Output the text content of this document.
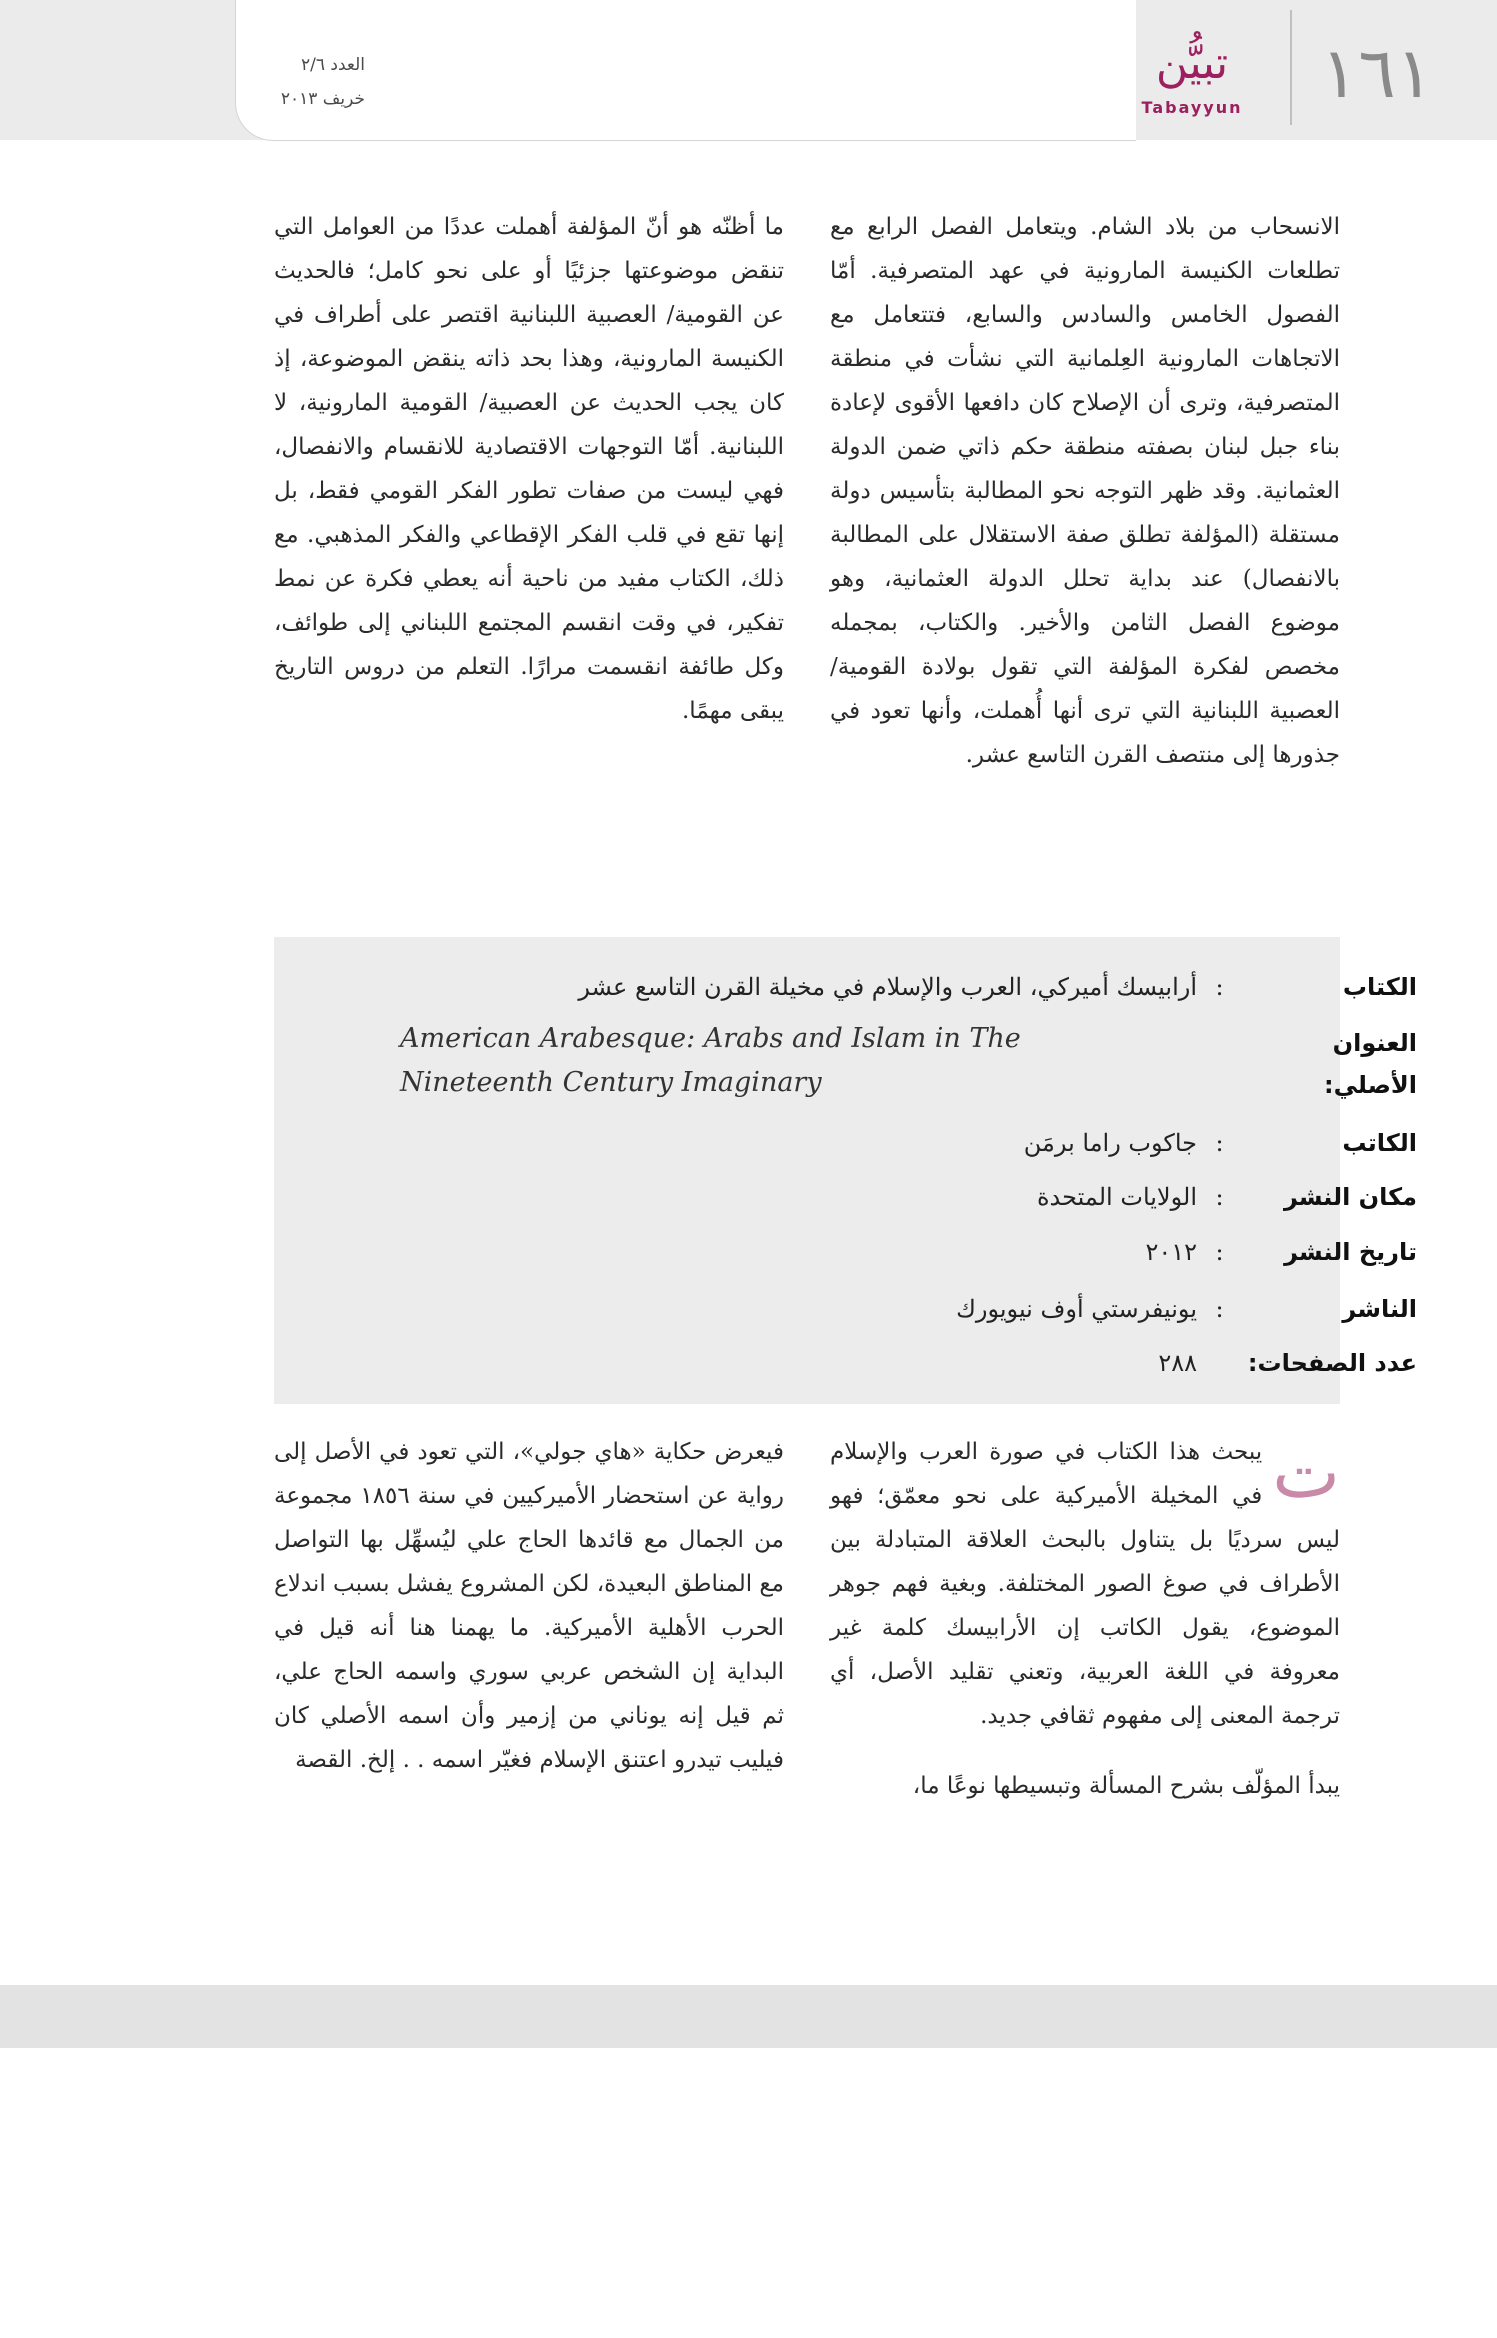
العدد ٢/٦
خريف ٢٠١٣
تبيُّن
Tabayyun ١٦١

الانسحاب من بلاد الشام. ويتعامل الفصل الرابع مع تطلعات الكنيسة المارونية في عهد المتصرفية. أمّا الفصول الخامس والسادس والسابع، فتتعامل مع الاتجاهات المارونية العِلمانية التي نشأت في منطقة المتصرفية، وترى أن الإصلاح كان دافعها الأقوى لإعادة بناء جبل لبنان بصفته منطقة حكم ذاتي ضمن الدولة العثمانية. وقد ظهر التوجه نحو المطالبة بتأسيس دولة مستقلة (المؤلفة تطلق صفة الاستقلال على المطالبة بالانفصال) عند بداية تحلل الدولة العثمانية، وهو موضوع الفصل الثامن والأخير. والكتاب، بمجمله مخصص لفكرة المؤلفة التي تقول بولادة القومية/ العصبية اللبنانية التي ترى أنها أُهملت، وأنها تعود في جذورها إلى منتصف القرن التاسع عشر.

ما أظنّه هو أنّ المؤلفة أهملت عددًا من العوامل التي تنقض موضوعتها جزئيًا أو على نحو كامل؛ فالحديث عن القومية/ العصبية اللبنانية اقتصر على أطراف في الكنيسة المارونية، وهذا بحد ذاته ينقض الموضوعة، إذ كان يجب الحديث عن العصبية/ القومية المارونية، لا اللبنانية. أمّا التوجهات الاقتصادية للانقسام والانفصال، فهي ليست من صفات تطور الفكر القومي فقط، بل إنها تقع في قلب الفكر الإقطاعي والفكر المذهبي. مع ذلك، الكتاب مفيد من ناحية أنه يعطي فكرة عن نمط تفكير، في وقت انقسم المجتمع اللبناني إلى طوائف، وكل طائفة انقسمت مرارًا. التعلم من دروس التاريخ يبقى مهمًا.

ت
الكتاب:أرابيسك أميركي، العرب والإسلام في مخيلة القرن التاسع عشر
العنوان الأصلي:
American Arabesque: Arabs and Islam in The
Nineteenth Century Imaginary
الكاتب:جاكوب راما برمَن
مكان النشر:الولايات المتحدة
تاريخ النشر:٢٠١٢
الناشر:يونيفرستي أوف نيويورك
عدد الصفحات:٢٨٨
ت

يبحث هذا الكتاب في صورة العرب والإسلام في المخيلة الأميركية على نحو معمّق؛ فهو ليس سرديًا بل يتناول بالبحث العلاقة المتبادلة بين الأطراف في صوغ الصور المختلفة. وبغية فهم جوهر الموضوع، يقول الكاتب إن الأرابيسك كلمة غير معروفة في اللغة العربية، وتعني تقليد الأصل، أي ترجمة المعنى إلى مفهوم ثقافي جديد.

يبدأ المؤلّف بشرح المسألة وتبسيطها نوعًا ما،

فيعرض حكاية «هاي جولي»، التي تعود في الأصل إلى رواية عن استحضار الأميركيين في سنة ١٨٥٦ مجموعة من الجمال مع قائدها الحاج علي ليُسهِّل بها التواصل مع المناطق البعيدة، لكن المشروع يفشل بسبب اندلاع الحرب الأهلية الأميركية. ما يهمنا هنا أنه قيل في البداية إن الشخص عربي سوري واسمه الحاج علي، ثم قيل إنه يوناني من إزمير وأن اسمه الأصلي كان فيليب تيدرو اعتنق الإسلام فغيّر اسمه . . إلخ. القصة
